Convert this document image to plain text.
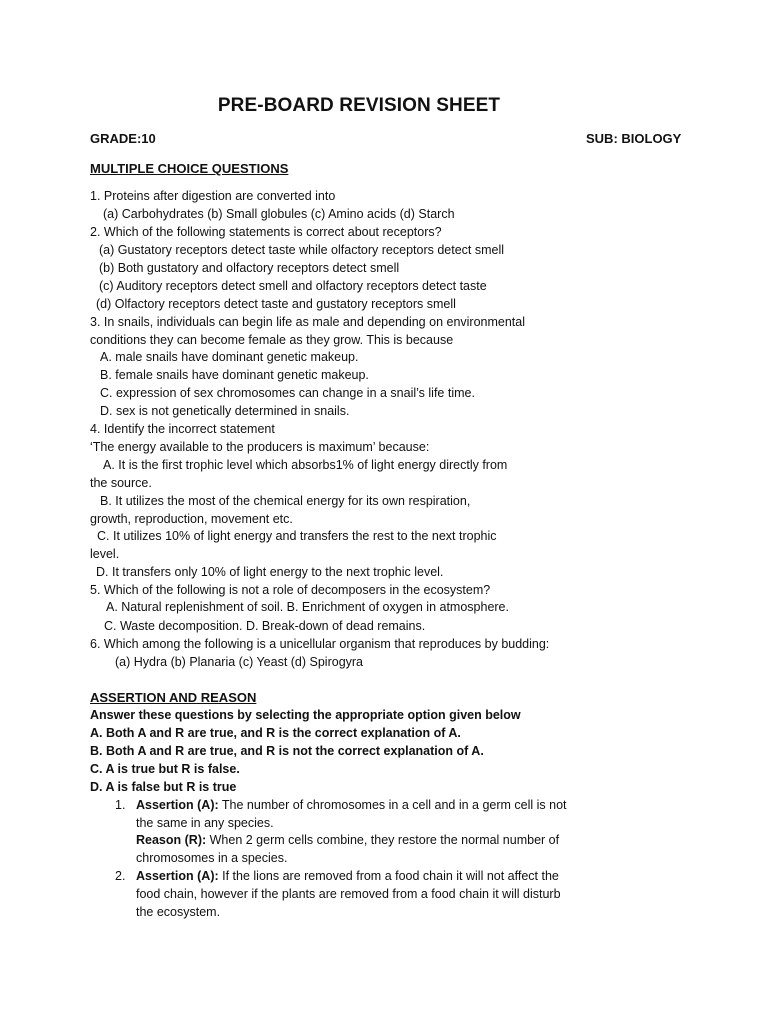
PRE-BOARD REVISION SHEET
GRADE:10	SUB: BIOLOGY
MULTIPLE CHOICE QUESTIONS
1. Proteins after digestion are converted into
(a) Carbohydrates (b) Small globules (c) Amino acids (d) Starch
2. Which of the following statements is correct about receptors?
(a) Gustatory receptors detect taste while olfactory receptors detect smell
(b) Both gustatory and olfactory receptors detect smell
(c) Auditory receptors detect smell and olfactory receptors detect taste
(d) Olfactory receptors detect taste and gustatory receptors smell
3. In snails, individuals can begin life as male and depending on environmental
conditions they can become female as they grow. This is because
A. male snails have dominant genetic makeup.
B. female snails have dominant genetic makeup.
C. expression of sex chromosomes can change in a snail’s life time.
D. sex is not genetically determined in snails.
4. Identify the incorrect statement
‘The energy available to the producers is maximum’ because:
A. It is the first trophic level which absorbs1% of light energy directly from
the source.
B. It utilizes the most of the chemical energy for its own respiration,
growth, reproduction, movement etc.
C. It utilizes 10% of light energy and transfers the rest to the next trophic
level.
D. It transfers only 10% of light energy to the next trophic level.
5. Which of the following is not a role of decomposers in the ecosystem?
A. Natural replenishment of soil. B. Enrichment of oxygen in atmosphere.
C. Waste decomposition. D. Break-down of dead remains.
6. Which among the following is a unicellular organism that reproduces by budding:
(a) Hydra (b) Planaria (c) Yeast (d) Spirogyra
ASSERTION AND REASON
Answer these questions by selecting the appropriate option given below
A. Both A and R are true, and R is the correct explanation of A.
B. Both A and R are true, and R is not the correct explanation of A.
C. A is true but R is false.
D. A is false but R is true
1. Assertion (A): The number of chromosomes in a cell and in a germ cell is not
the same in any species.
Reason (R): When 2 germ cells combine, they restore the normal number of
chromosomes in a species.
2. Assertion (A): If the lions are removed from a food chain it will not affect the
food chain, however if the plants are removed from a food chain it will disturb
the ecosystem.
